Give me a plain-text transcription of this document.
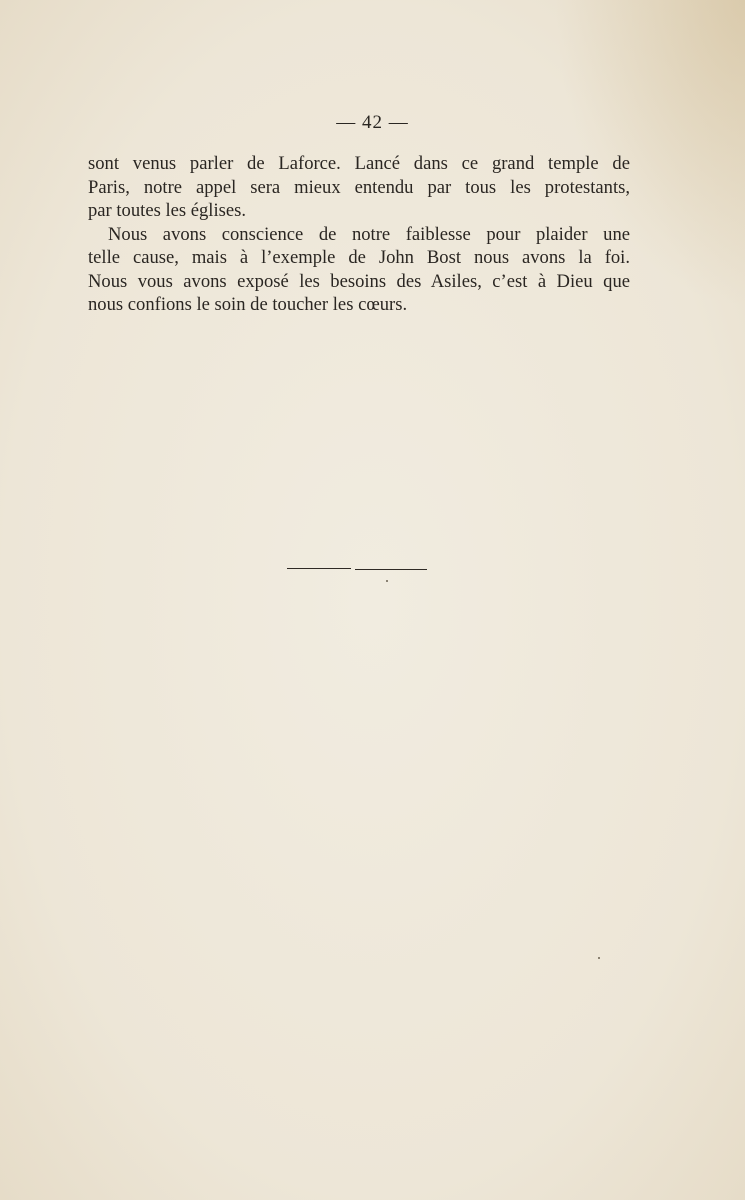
— 42 —

sont venus parler de Laforce. Lancé dans ce grand temple de
Paris, notre appel sera mieux entendu par tous les protestants,
par toutes les églises.

Nous avons conscience de notre faiblesse pour plaider une
telle cause, mais à l’exemple de John Bost nous avons la foi.
Nous vous avons exposé les besoins des Asiles, c’est à Dieu que
nous confions le soin de toucher les cœurs.
